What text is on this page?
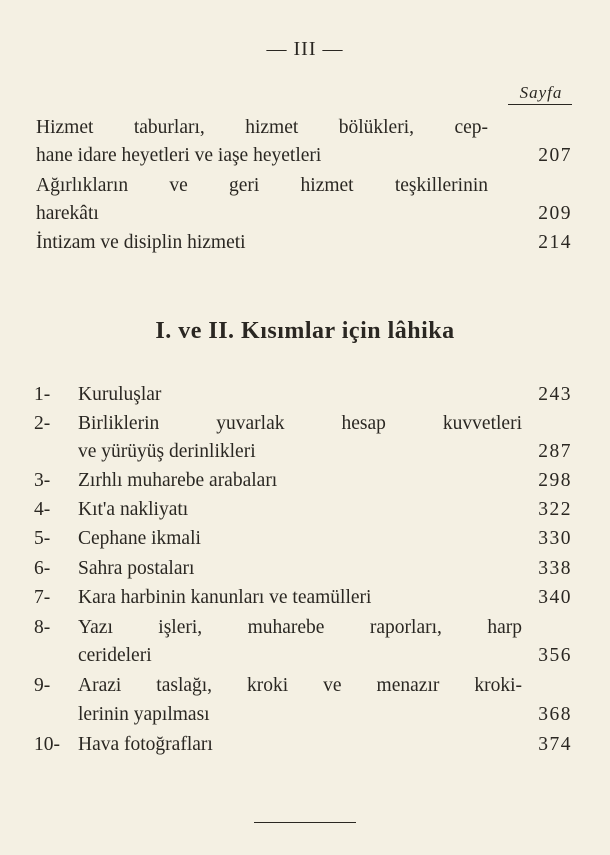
— III —
Sayfa
Hizmet taburları, hizmet bölükleri, cep-
hane idare heyetleri ve iaşe heyetleri	207
Ağırlıkların ve geri hizmet teşkillerinin
harekâtı	209
İntizam ve disiplin hizmeti	214
I. ve II. Kısımlar için lâhika
1-	Kuruluşlar	243
2-	Birliklerin yuvarlak hesap kuvvetleri
ve yürüyüş derinlikleri	287
3-	Zırhlı muharebe arabaları	298
4-	Kıt'a nakliyatı	322
5-	Cephane ikmali	330
6-	Sahra postaları	338
7-	Kara harbinin kanunları ve teamülleri	340
8-	Yazı işleri, muharebe raporları, harp
cerideleri	356
9-	Arazi taslağı, kroki ve menazır kroki-
lerinin yapılması	368
10- Hava fotoğrafları	374
